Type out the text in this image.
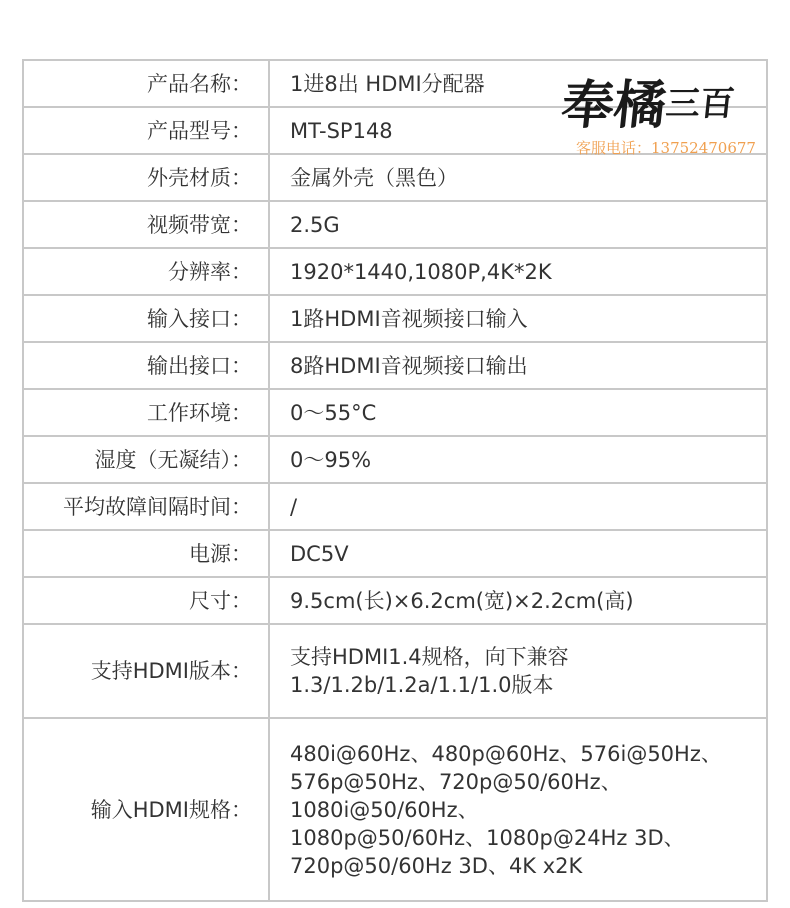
产品名称：	1进8出 HDMI分配器

产品型号：	MT-SP148

外壳材质：	金属外壳（黑色）

视频带宽：	2.5G

分辨率：	1920*1440,1080P,4K*2K

输入接口：	1路HDMI音视频接口输入

输出接口：	8路HDMI音视频接口输出

工作环境：	0～55°C

湿度（无凝结）：	0～95%

平均故障间隔时间：	/

电源：	DC5V

尺寸：	9.5cm(长)×6.2cm(宽)×2.2cm(高)

支持HDMI版本：	支持HDMI1.4规格，向下兼容
1.3/1.2b/1.2a/1.1/1.0版本

输入HDMI规格：	480i@60Hz、480p@60Hz、576i@50Hz、
576p@50Hz、720p@50/60Hz、
1080i@50/60Hz、
1080p@50/60Hz、1080p@24Hz 3D、
720p@50/60Hz 3D、4K x2K
奉橘三百
客服电话：13752470677
